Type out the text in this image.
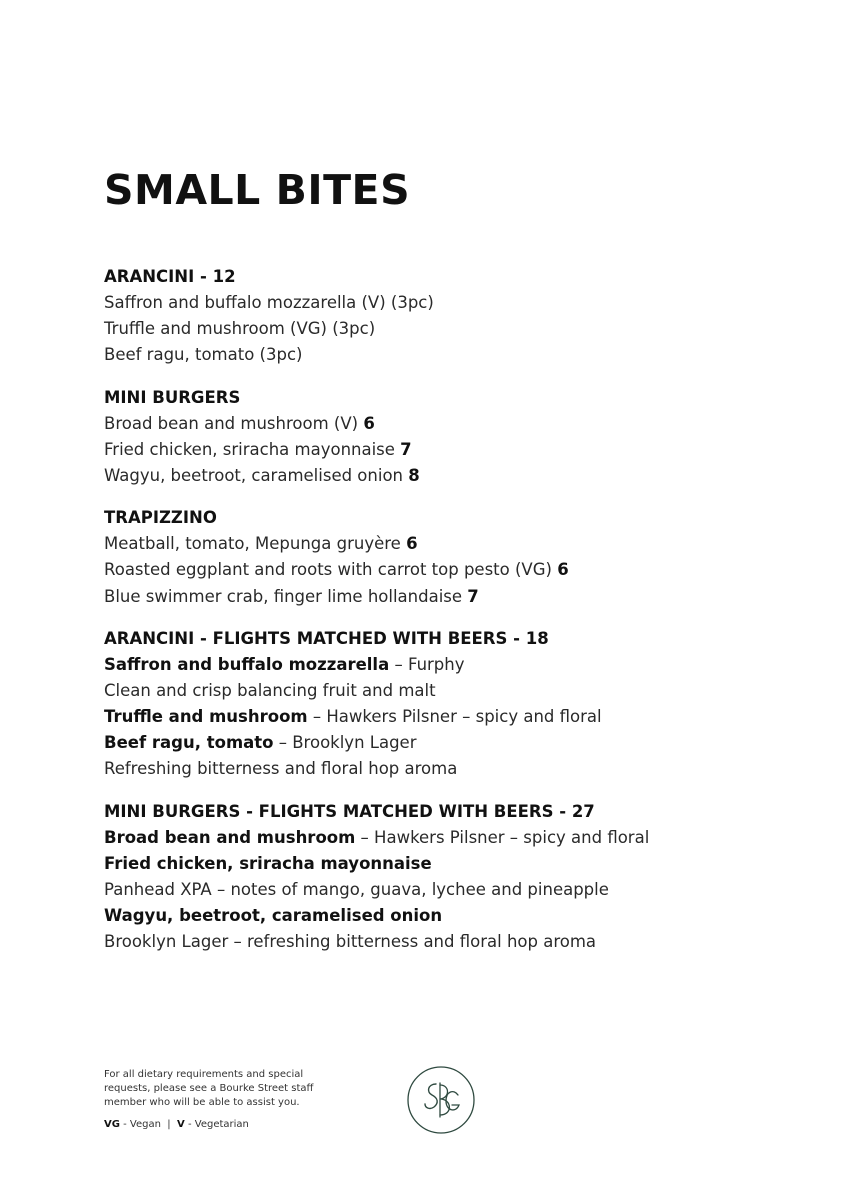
SMALL BITES
ARANCINI - 12
Saffron and buffalo mozzarella (V) (3pc)
Truffle and mushroom (VG) (3pc)
Beef ragu, tomato (3pc)
MINI BURGERS
Broad bean and mushroom (V) 6
Fried chicken, sriracha mayonnaise 7
Wagyu, beetroot, caramelised onion 8
TRAPIZZINO
Meatball, tomato, Mepunga gruyère 6
Roasted eggplant and roots with carrot top pesto (VG) 6
Blue swimmer crab, finger lime hollandaise 7
ARANCINI - FLIGHTS MATCHED WITH BEERS - 18
Saffron and buffalo mozzarella – Furphy
Clean and crisp balancing fruit and malt
Truffle and mushroom – Hawkers Pilsner – spicy and floral
Beef ragu, tomato – Brooklyn Lager
Refreshing bitterness and floral hop aroma
MINI BURGERS - FLIGHTS MATCHED WITH BEERS - 27
Broad bean and mushroom – Hawkers Pilsner – spicy and floral
Fried chicken, sriracha mayonnaise
Panhead XPA – notes of mango, guava, lychee and pineapple
Wagyu, beetroot, caramelised onion
Brooklyn Lager – refreshing bitterness and floral hop aroma

For all dietary requirements and special

requests, please see a Bourke Street staff

member who will be able to assist you.

VG - Vegan  |  V - Vegetarian
